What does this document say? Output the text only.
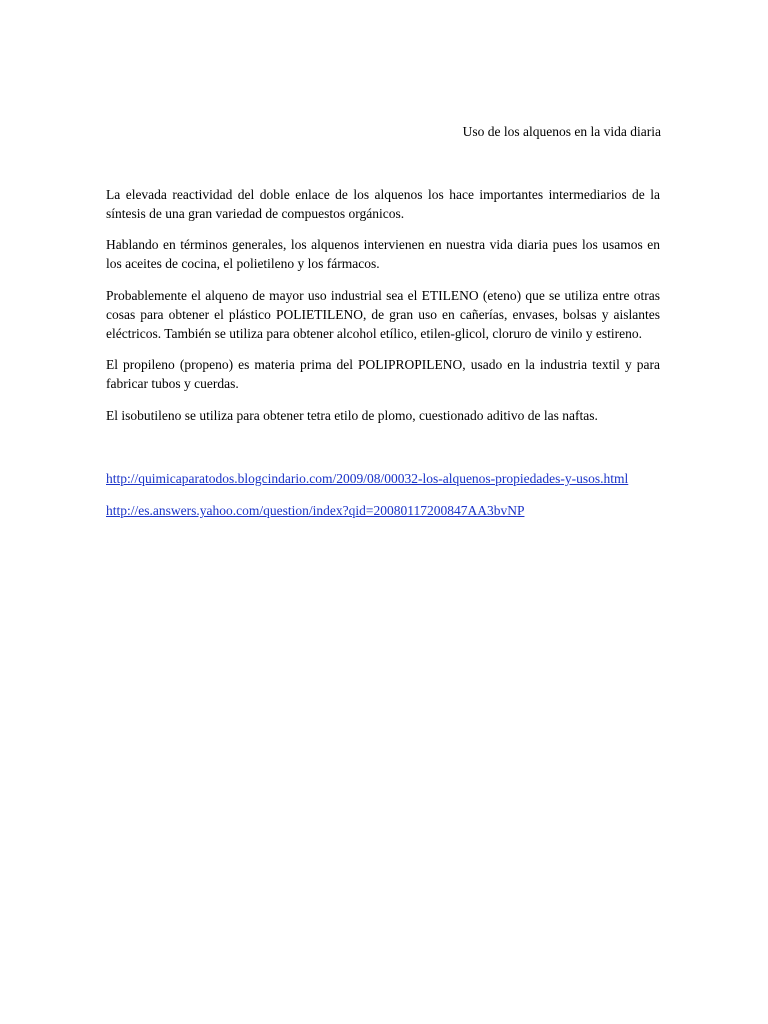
Uso de los alquenos en la vida diaria

La elevada reactividad del doble enlace de los alquenos los hace importantes intermediarios de la síntesis de una gran variedad de compuestos orgánicos.

Hablando en términos generales, los alquenos intervienen en nuestra vida diaria pues los usamos en los aceites de cocina, el polietileno y los fármacos.

Probablemente el alqueno de mayor uso industrial sea el ETILENO (eteno) que se utiliza entre otras cosas para obtener el plástico POLIETILENO, de gran uso en cañerías, envases, bolsas y aislantes eléctricos. También se utiliza para obtener alcohol etílico, etilen-glicol, cloruro de vinilo y estireno.

El propileno (propeno) es materia prima del POLIPROPILENO, usado en la industria textil y para fabricar tubos y cuerdas.

El isobutileno se utiliza para obtener tetra etilo de plomo, cuestionado aditivo de las naftas.

http://quimicaparatodos.blogcindario.com/2009/08/00032-los-alquenos-propiedades-y-usos.html
http://es.answers.yahoo.com/question/index?qid=20080117200847AA3bvNP
